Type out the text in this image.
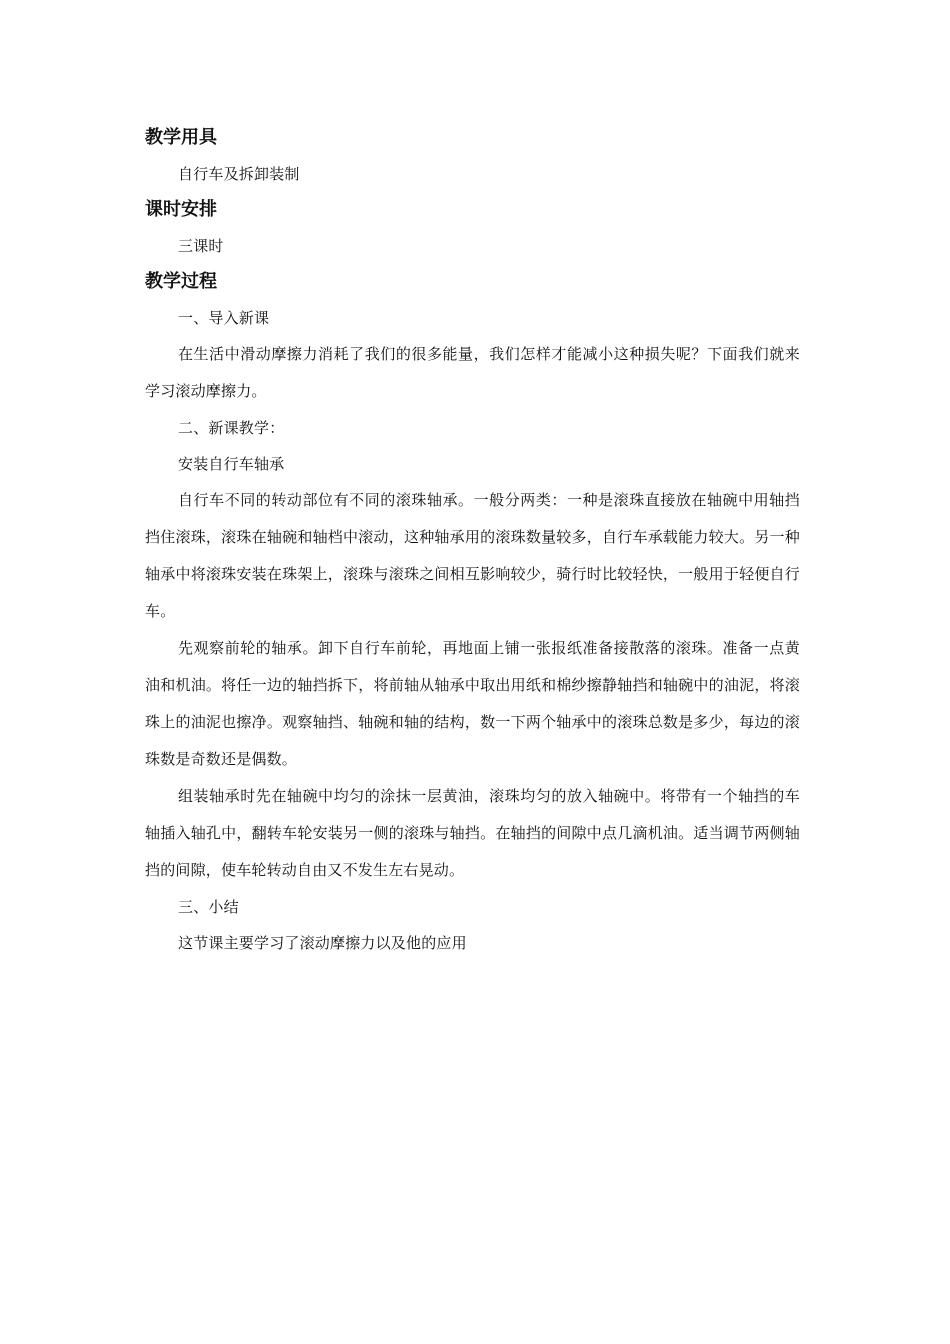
教学用具

自行车及拆卸装制

课时安排

三课时

教学过程

一、导入新课

在生活中滑动摩擦力消耗了我们的很多能量，我们怎样才能减小这种损失呢？下面我们就来学习滚动摩擦力。

二、新课教学：

安装自行车轴承

自行车不同的转动部位有不同的滚珠轴承。一般分两类：一种是滚珠直接放在轴碗中用轴挡挡住滚珠，滚珠在轴碗和轴档中滚动，这种轴承用的滚珠数量较多，自行车承载能力较大。另一种轴承中将滚珠安装在珠架上，滚珠与滚珠之间相互影响较少，骑行时比较轻快，一般用于轻便自行车。

先观察前轮的轴承。卸下自行车前轮，再地面上铺一张报纸准备接散落的滚珠。准备一点黄油和机油。将任一边的轴挡拆下，将前轴从轴承中取出用纸和棉纱擦静轴挡和轴碗中的油泥，将滚珠上的油泥也擦净。观察轴挡、轴碗和轴的结构，数一下两个轴承中的滚珠总数是多少，每边的滚珠数是奇数还是偶数。

组装轴承时先在轴碗中均匀的涂抹一层黄油，滚珠均匀的放入轴碗中。将带有一个轴挡的车轴插入轴孔中，翻转车轮安装另一侧的滚珠与轴挡。在轴挡的间隙中点几滴机油。适当调节两侧轴挡的间隙，使车轮转动自由又不发生左右晃动。

三、小结

这节课主要学习了滚动摩擦力以及他的应用
